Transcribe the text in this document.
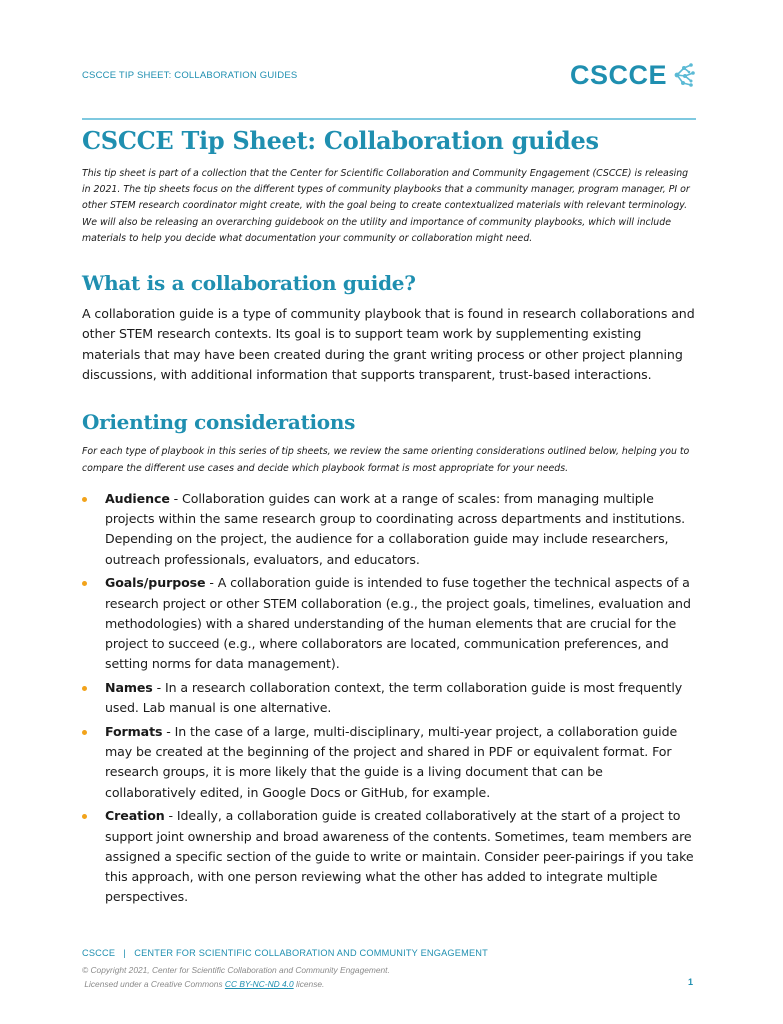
CSCCE TIP SHEET: COLLABORATION GUIDES	CSCCE
CSCCE Tip Sheet: Collaboration guides

This tip sheet is part of a collection that the Center for Scientific Collaboration and Community Engagement (CSCCE) is releasing in 2021. The tip sheets focus on the different types of community playbooks that a community manager, program manager, PI or other STEM research coordinator might create, with the goal being to create contextualized materials with relevant terminology. We will also be releasing an overarching guidebook on the utility and importance of community playbooks, which will include materials to help you decide what documentation your community or collaboration might need.

What is a collaboration guide?

A collaboration guide is a type of community playbook that is found in research collaborations and other STEM research contexts. Its goal is to support team work by supplementing existing materials that may have been created during the grant writing process or other project planning discussions, with additional information that supports transparent, trust-based interactions.

Orienting considerations

For each type of playbook in this series of tip sheets, we review the same orienting considerations outlined below, helping you to compare the different use cases and decide which playbook format is most appropriate for your needs.

Audience - Collaboration guides can work at a range of scales: from managing multiple projects within the same research group to coordinating across departments and institutions. Depending on the project, the audience for a collaboration guide may include researchers, outreach professionals, evaluators, and educators.
Goals/purpose - A collaboration guide is intended to fuse together the technical aspects of a research project or other STEM collaboration (e.g., the project goals, timelines, evaluation and methodologies) with a shared understanding of the human elements that are crucial for the project to succeed (e.g., where collaborators are located, communication preferences, and setting norms for data management).
Names - In a research collaboration context, the term collaboration guide is most frequently used. Lab manual is one alternative.
Formats - In the case of a large, multi-disciplinary, multi-year project, a collaboration guide may be created at the beginning of the project and shared in PDF or equivalent format. For research groups, it is more likely that the guide is a living document that can be collaboratively edited, in Google Docs or GitHub, for example.
Creation - Ideally, a collaboration guide is created collaboratively at the start of a project to support joint ownership and broad awareness of the contents. Sometimes, team members are assigned a specific section of the guide to write or maintain. Consider peer-pairings if you take this approach, with one person reviewing what the other has added to integrate multiple perspectives.
CSCCE   |   CENTER FOR SCIENTIFIC COLLABORATION AND COMMUNITY ENGAGEMENT
© Copyright 2021, Center for Scientific Collaboration and Community Engagement.
Licensed under a Creative Commons CC BY-NC-ND 4.0 license.	1
